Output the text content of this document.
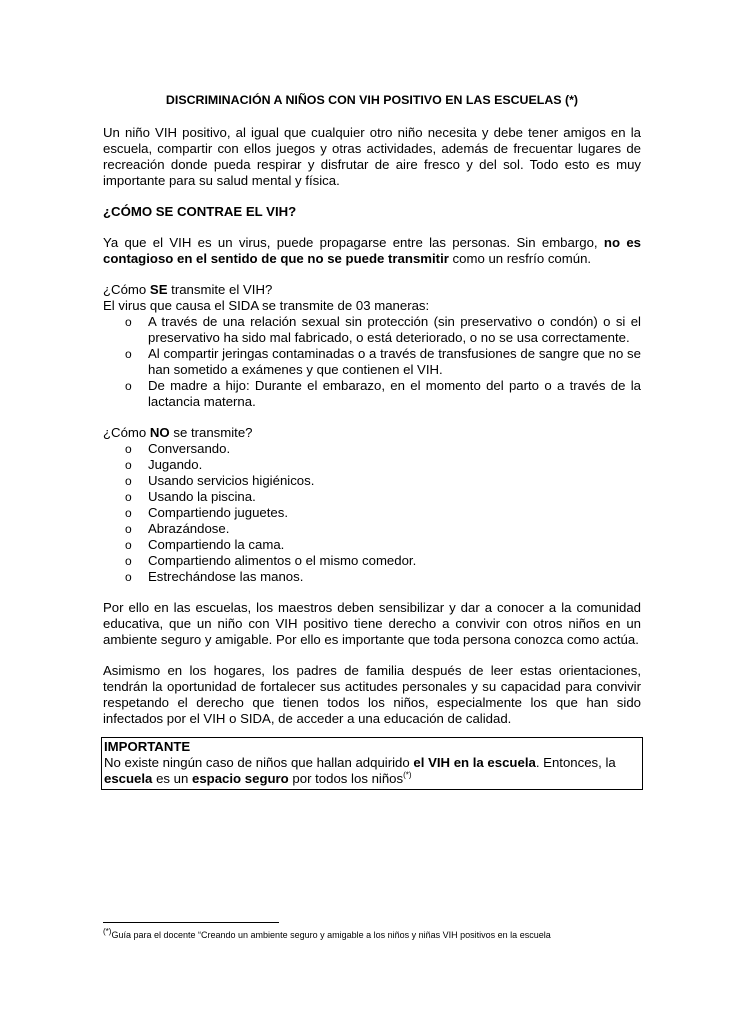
DISCRIMINACIÓN A NIÑOS CON VIH POSITIVO EN LAS ESCUELAS (*)

Un niño VIH positivo, al igual que cualquier otro niño necesita y debe tener amigos en la escuela, compartir con ellos juegos y otras actividades, además de frecuentar lugares de recreación donde pueda respirar y disfrutar de aire fresco y del sol. Todo esto es muy importante para su salud mental y física.

¿CÓMO SE CONTRAE EL VIH?

Ya que el VIH es un virus, puede propagarse entre las personas. Sin embargo, no es contagioso en el sentido de que no se puede transmitir como un resfrío común.

¿Cómo SE transmite el VIH?

El virus que causa el SIDA se transmite de 03 maneras:

o A través de una relación sexual sin protección (sin preservativo o condón) o si el preservativo ha sido mal fabricado, o está deteriorado, o no se usa correctamente.
o Al compartir jeringas contaminadas o a través de transfusiones de sangre que no se han sometido a exámenes y que contienen el VIH.
o De madre a hijo: Durante el embarazo, en el momento del parto o a través de la lactancia materna.

¿Cómo NO se transmite?

o Conversando.
o Jugando.
o Usando servicios higiénicos.
o Usando la piscina.
o Compartiendo juguetes.
o Abrazándose.
o Compartiendo la cama.
o Compartiendo alimentos o el mismo comedor.
o Estrechándose las manos.

Por ello en las escuelas, los maestros deben sensibilizar y dar a conocer a la comunidad educativa, que un niño con VIH positivo tiene derecho a convivir con otros niños en un ambiente seguro y amigable. Por ello es importante que toda persona conozca como actúa.

Asimismo en los hogares, los padres de familia después de leer estas orientaciones, tendrán la oportunidad de fortalecer sus actitudes personales y su capacidad para convivir respetando el derecho que tienen todos los niños, especialmente los que han sido infectados por el VIH o SIDA, de acceder a una educación de calidad.

IMPORTANTE

No existe ningún caso de niños que hallan adquirido el VIH en la escuela. Entonces, la escuela es un espacio seguro por todos los niños(*)

(*)Guía para el docente “Creando un ambiente seguro y amigable a los niños y niñas VIH positivos en la escuela
